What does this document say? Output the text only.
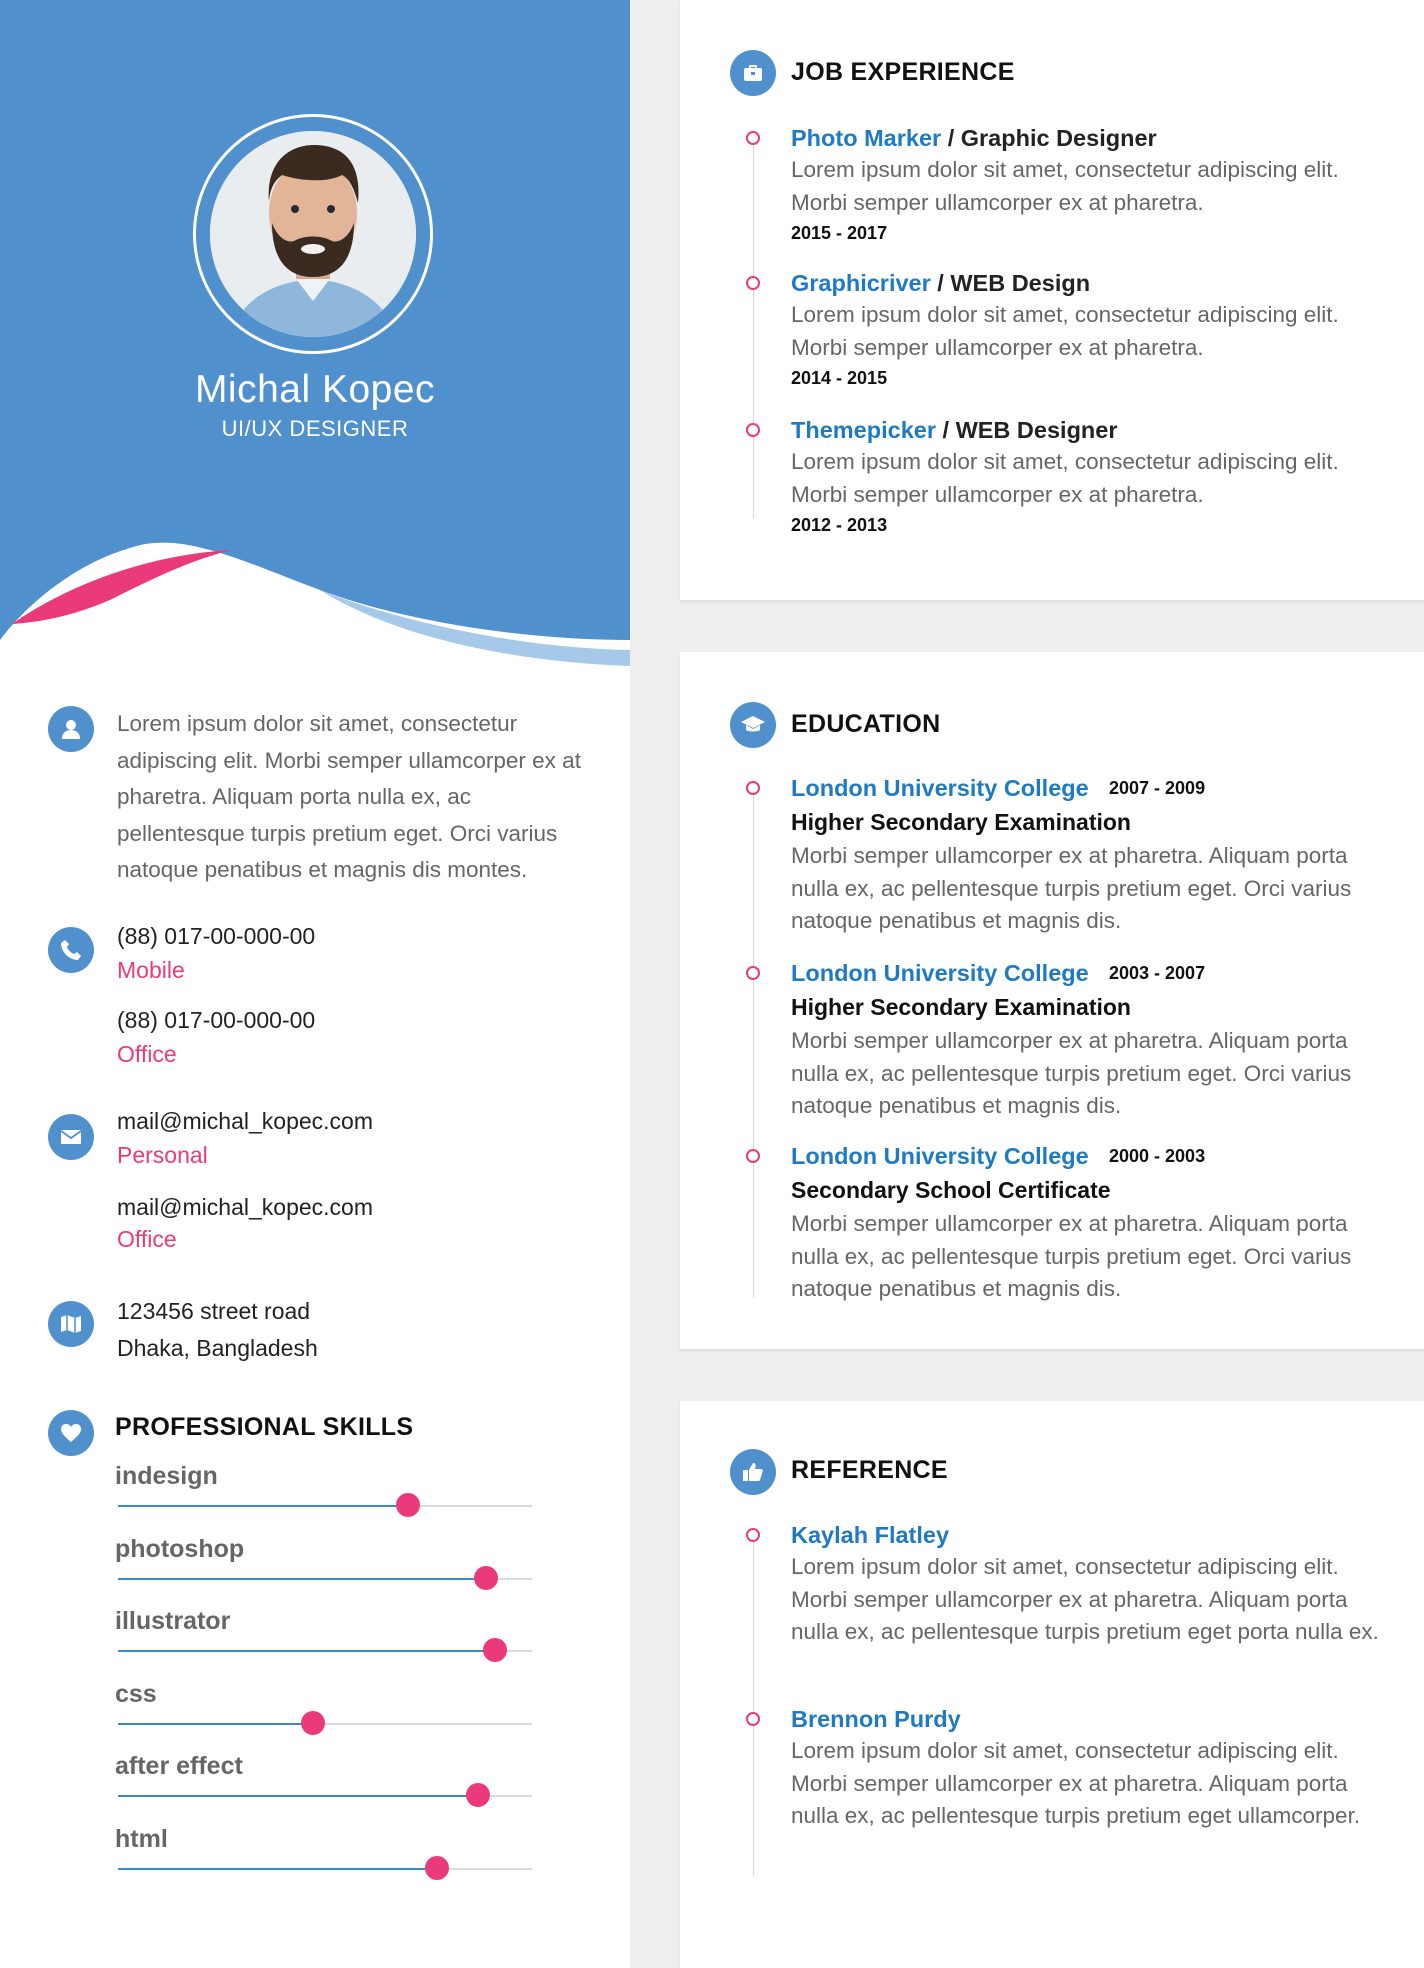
Michal Kopec
UI/UX DESIGNER
Lorem ipsum dolor sit amet, consectetur adipiscing elit. Morbi semper ullamcorper ex at pharetra. Aliquam porta nulla ex, ac pellentesque turpis pretium eget. Orci varius natoque penatibus et magnis dis montes.
(88) 017-00-000-00
Mobile
(88) 017-00-000-00
Office
mail@michal_kopec.com
Personal
mail@michal_kopec.com
Office
123456 street road
Dhaka, Bangladesh
PROFESSIONAL SKILLS
indesign
photoshop
illustrator
css
after effect
html
JOB EXPERIENCE
Photo Marker / Graphic Designer
Lorem ipsum dolor sit amet, consectetur adipiscing elit. Morbi semper ullamcorper ex at pharetra.
2015 - 2017
Graphicriver / WEB Design
Lorem ipsum dolor sit amet, consectetur adipiscing elit. Morbi semper ullamcorper ex at pharetra.
2014 - 2015
Themepicker / WEB Designer
Lorem ipsum dolor sit amet, consectetur adipiscing elit. Morbi semper ullamcorper ex at pharetra.
2012 - 2013
EDUCATION
London University College	2007 - 2009
Higher Secondary Examination
Morbi semper ullamcorper ex at pharetra. Aliquam porta nulla ex, ac pellentesque turpis pretium eget. Orci varius natoque penatibus et magnis dis.
London University College	2003 - 2007
Higher Secondary Examination
Morbi semper ullamcorper ex at pharetra. Aliquam porta nulla ex, ac pellentesque turpis pretium eget. Orci varius natoque penatibus et magnis dis.
London University College	2000 - 2003
Secondary School Certificate
Morbi semper ullamcorper ex at pharetra. Aliquam porta nulla ex, ac pellentesque turpis pretium eget. Orci varius natoque penatibus et magnis dis.
REFERENCE
Kaylah Flatley
Lorem ipsum dolor sit amet, consectetur adipiscing elit. Morbi semper ullamcorper ex at pharetra. Aliquam porta nulla ex, ac pellentesque turpis pretium eget porta nulla ex.
Brennon Purdy
Lorem ipsum dolor sit amet, consectetur adipiscing elit. Morbi semper ullamcorper ex at pharetra. Aliquam porta nulla ex, ac pellentesque turpis pretium eget ullamcorper.
